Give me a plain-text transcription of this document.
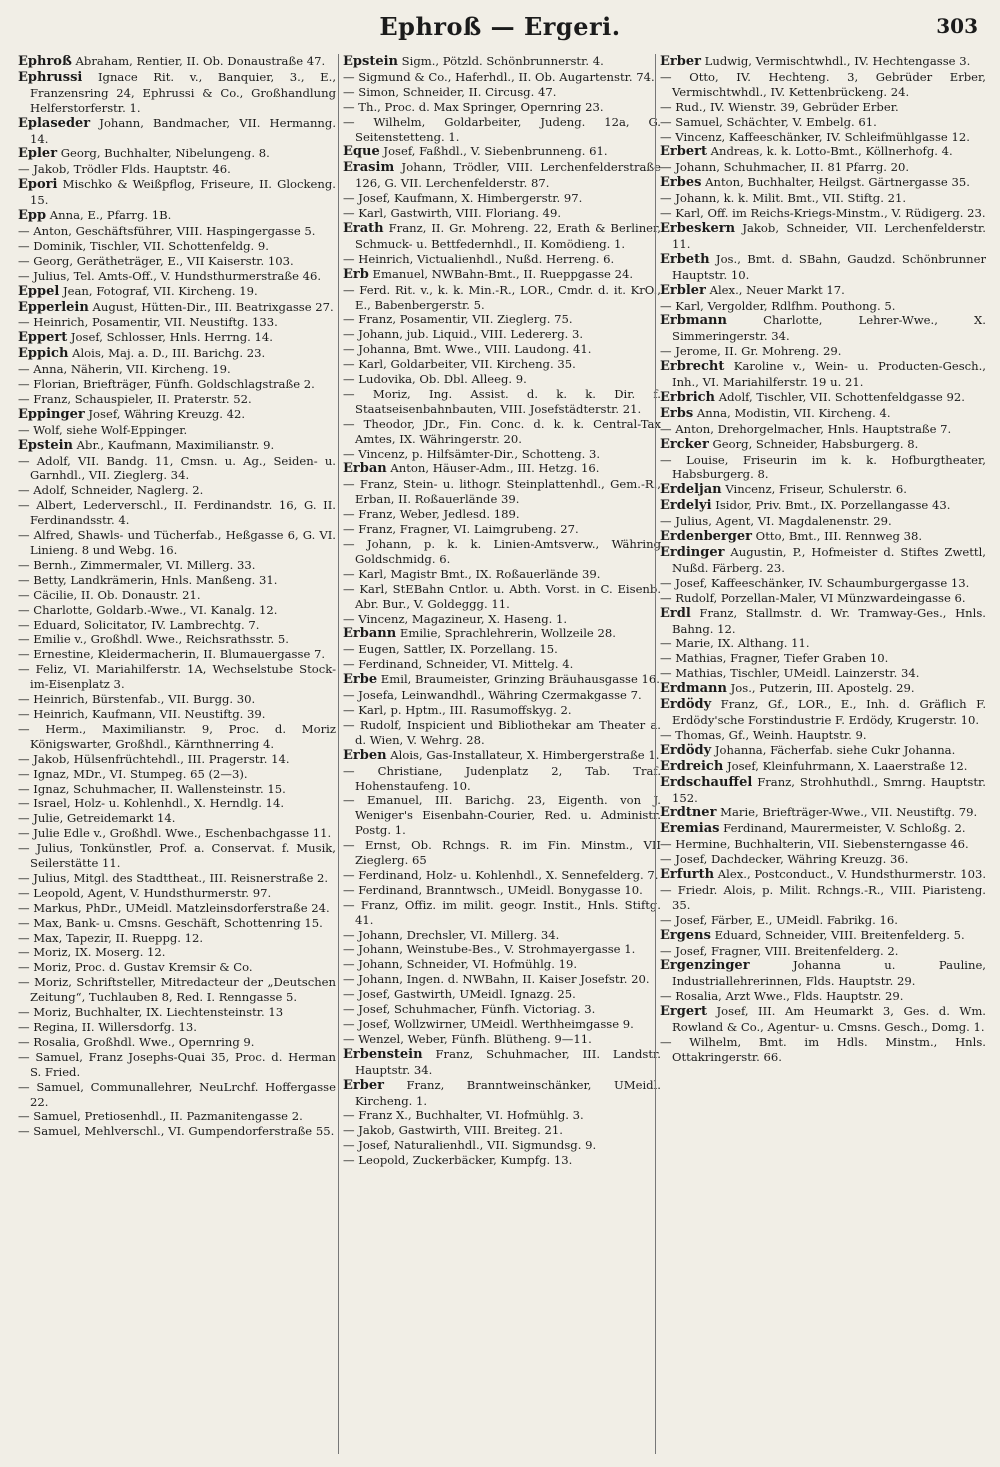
Ephroß — Ergeri.	303

Ephroß Abraham, Rentier, II. Ob. Donaustraße 47.

Ephrussi Ignace Rit. v., Banquier, 3., E., Franzensring 24, Ephrussi & Co., Großhandlung Helferstorferstr. 1.

Eplaseder Johann, Bandmacher, VII. Hermanng. 14.

Epler Georg, Buchhalter, Nibelungeng. 8.

— Jakob, Trödler Flds. Hauptstr. 46.

Epori Mischko & Weißpflog, Friseure, II. Glockeng. 15.

Epp Anna, E., Pfarrg. 1B.

— Anton, Geschäftsführer, VIII. Haspingergasse 5.

— Dominik, Tischler, VII. Schottenfeldg. 9.

— Georg, Gerätheträger, E., VII Kaiserstr. 103.

— Julius, Tel. Amts-Off., V. Hundsthurmerstraße 46.

Eppel Jean, Fotograf, VII. Kircheng. 19.

Epperlein August, Hütten-Dir., III. Beatrixgasse 27.

— Heinrich, Posamentir, VII. Neustiftg. 133.

Eppert Josef, Schlosser, Hnls. Herrng. 14.

Eppich Alois, Maj. a. D., III. Barichg. 23.

— Anna, Näherin, VII. Kircheng. 19.

— Florian, Briefträger, Fünfh. Goldschlagstraße 2.

— Franz, Schauspieler, II. Praterstr. 52.

Eppinger Josef, Währing Kreuzg. 42.

— Wolf, siehe Wolf-Eppinger.

Epstein Abr., Kaufmann, Maximilianstr. 9.

— Adolf, VII. Bandg. 11, Cmsn. u. Ag., Seiden- u. Garnhdl., VII. Zieglerg. 34.

— Adolf, Schneider, Naglerg. 2.

— Albert, Lederverschl., II. Ferdinandstr. 16, G. II. Ferdinandsstr. 4.

— Alfred, Shawls- und Tücherfab., Heßgasse 6, G. VI. Linieng. 8 und Webg. 16.

— Bernh., Zimmermaler, VI. Millerg. 33.

— Betty, Landkrämerin, Hnls. Manßeng. 31.

— Cäcilie, II. Ob. Donaustr. 21.

— Charlotte, Goldarb.-Wwe., VI. Kanalg. 12.

— Eduard, Solicitator, IV. Lambrechtg. 7.

— Emilie v., Großhdl. Wwe., Reichsrathsstr. 5.

— Ernestine, Kleidermacherin, II. Blumauergasse 7.

— Feliz, VI. Mariahilferstr. 1A, Wechselstube Stock-im-Eisenplatz 3.

— Heinrich, Bürstenfab., VII. Burgg. 30.

— Heinrich, Kaufmann, VII. Neustiftg. 39.

— Herm., Maximilianstr. 9, Proc. d. Moriz Königswarter, Großhdl., Kärnthnerring 4.

— Jakob, Hülsenfrüchtehdl., III. Pragerstr. 14.

— Ignaz, MDr., VI. Stumpeg. 65 (2—3).

— Ignaz, Schuhmacher, II. Wallensteinstr. 15.

— Israel, Holz- u. Kohlenhdl., X. Herndlg. 14.

— Julie, Getreidemarkt 14.

— Julie Edle v., Großhdl. Wwe., Eschenbachgasse 11.

— Julius, Tonkünstler, Prof. a. Conservat. f. Musik, Seilerstätte 11.

— Julius, Mitgl. des Stadttheat., III. Reisnerstraße 2.

— Leopold, Agent, V. Hundsthurmerstr. 97.

— Markus, PhDr., UMeidl. Matzleinsdorferstraße 24.

— Max, Bank- u. Cmsns. Geschäft, Schottenring 15.

— Max, Tapezir, II. Rueppg. 12.

— Moriz, IX. Moserg. 12.

— Moriz, Proc. d. Gustav Kremsir & Co.

— Moriz, Schriftsteller, Mitredacteur der „Deutschen Zeitung“, Tuchlauben 8, Red. I. Renngasse 5.

— Moriz, Buchhalter, IX. Liechtensteinstr. 13

— Regina, II. Willersdorfg. 13.

— Rosalia, Großhdl. Wwe., Opernring 9.

— Samuel, Franz Josephs-Quai 35, Proc. d. Herman S. Fried.

— Samuel, Communallehrer, NeuLrchf. Hoffergasse 22.

— Samuel, Pretiosenhdl., II. Pazmanitengasse 2.

— Samuel, Mehlverschl., VI. Gumpendorferstraße 55.

Epstein Sigm., Pötzld. Schönbrunnerstr. 4.

— Sigmund & Co., Haferhdl., II. Ob. Augartenstr. 74.

— Simon, Schneider, II. Circusg. 47.

— Th., Proc. d. Max Springer, Opernring 23.

— Wilhelm, Goldarbeiter, Judeng. 12a, G. Seitenstetteng. 1.

Eque Josef, Faßhdl., V. Siebenbrunneng. 61.

Erasim Johann, Trödler, VIII. Lerchenfelderstraße 126, G. VII. Lerchenfelderstr. 87.

— Josef, Kaufmann, X. Himbergerstr. 97.

— Karl, Gastwirth, VIII. Floriang. 49.

Erath Franz, II. Gr. Mohreng. 22, Erath & Berliner, Schmuck- u. Bettfedernhdl., II. Komödieng. 1.

— Heinrich, Victualienhdl., Nußd. Herreng. 6.

Erb Emanuel, NWBahn-Bmt., II. Rueppgasse 24.

— Ferd. Rit. v., k. k. Min.-R., LOR., Cmdr. d. it. KrO., E., Babenbergerstr. 5.

— Franz, Posamentir, VII. Zieglerg. 75.

— Johann, jub. Liquid., VIII. Ledererg. 3.

— Johanna, Bmt. Wwe., VIII. Laudong. 41.

— Karl, Goldarbeiter, VII. Kircheng. 35.

— Ludovika, Ob. Dbl. Alleeg. 9.

— Moriz, Ing. Assist. d. k. k. Dir. f. Staatseisenbahnbauten, VIII. Josefstädterstr. 21.

— Theodor, JDr., Fin. Conc. d. k. k. Central-Tax Amtes, IX. Währingerstr. 20.

— Vincenz, p. Hilfsämter-Dir., Schotteng. 3.

Erban Anton, Häuser-Adm., III. Hetzg. 16.

— Franz, Stein- u. lithogr. Steinplattenhdl., Gem.-R., Erban, II. Roßauerlände 39.

— Franz, Weber, Jedlesd. 189.

— Franz, Fragner, VI. Laimgrubeng. 27.

— Johann, p. k. k. Linien-Amtsverw., Währing Goldschmidg. 6.

— Karl, Magistr Bmt., IX. Roßauerlände 39.

— Karl, StEBahn Cntlor. u. Abth. Vorst. in C. Eisenb. Abr. Bur., V. Goldeggg. 11.

— Vincenz, Magazineur, X. Haseng. 1.

Erbann Emilie, Sprachlehrerin, Wollzeile 28.

— Eugen, Sattler, IX. Porzellang. 15.

— Ferdinand, Schneider, VI. Mittelg. 4.

Erbe Emil, Braumeister, Grinzing Bräuhausgasse 16.

— Josefa, Leinwandhdl., Währing Czermakgasse 7.

— Karl, p. Hptm., III. Rasumoffskyg. 2.

— Rudolf, Inspicient und Bibliothekar am Theater a. d. Wien, V. Wehrg. 28.

Erben Alois, Gas-Installateur, X. Himbergerstraße 1.

— Christiane, Judenplatz 2, Tab. Traf. Hohenstaufeng. 10.

— Emanuel, III. Barichg. 23, Eigenth. von J. Weniger's Eisenbahn-Courier, Red. u. Administr. Postg. 1.

— Ernst, Ob. Rchngs. R. im Fin. Minstm., VII Zieglerg. 65

— Ferdinand, Holz- u. Kohlenhdl., X. Sennefelderg. 7.

— Ferdinand, Branntwsch., UMeidl. Bonygasse 10.

— Franz, Offiz. im milit. geogr. Instit., Hnls. Stiftg. 41.

— Johann, Drechsler, VI. Millerg. 34.

— Johann, Weinstube-Bes., V. Strohmayergasse 1.

— Johann, Schneider, VI. Hofmühlg. 19.

— Johann, Ingen. d. NWBahn, II. Kaiser Josefstr. 20.

— Josef, Gastwirth, UMeidl. Ignazg. 25.

— Josef, Schuhmacher, Fünfh. Victoriag. 3.

— Josef, Wollzwirner, UMeidl. Werthheimgasse 9.

— Wenzel, Weber, Fünfh. Blütheng. 9—11.

Erbenstein Franz, Schuhmacher, III. Landstr. Hauptstr. 34.

Erber Franz, Branntweinschänker, UMeidl. Kircheng. 1.

— Franz X., Buchhalter, VI. Hofmühlg. 3.

— Jakob, Gastwirth, VIII. Breiteg. 21.

— Josef, Naturalienhdl., VII. Sigmundsg. 9.

— Leopold, Zuckerbäcker, Kumpfg. 13.

Erber Ludwig, Vermischtwhdl., IV. Hechtengasse 3.

— Otto, IV. Hechteng. 3, Gebrüder Erber, Vermischtwhdl., IV. Kettenbrückeng. 24.

— Rud., IV. Wienstr. 39, Gebrüder Erber.

— Samuel, Schächter, V. Embelg. 61.

— Vincenz, Kaffeeschänker, IV. Schleifmühlgasse 12.

Erbert Andreas, k. k. Lotto-Bmt., Köllnerhofg. 4.

— Johann, Schuhmacher, II. 81 Pfarrg. 20.

Erbes Anton, Buchhalter, Heilgst. Gärtnergasse 35.

— Johann, k. k. Milit. Bmt., VII. Stiftg. 21.

— Karl, Off. im Reichs-Kriegs-Minstm., V. Rüdigerg. 23.

Erbeskern Jakob, Schneider, VII. Lerchenfelderstr. 11.

Erbeth Jos., Bmt. d. SBahn, Gaudzd. Schönbrunner Hauptstr. 10.

Erbler Alex., Neuer Markt 17.

— Karl, Vergolder, Rdlfhm. Pouthong. 5.

Erbmann Charlotte, Lehrer-Wwe., X. Simmeringerstr. 34.

— Jerome, II. Gr. Mohreng. 29.

Erbrecht Karoline v., Wein- u. Producten-Gesch., Inh., VI. Mariahilferstr. 19 u. 21.

Erbrich Adolf, Tischler, VII. Schottenfeldgasse 92.

Erbs Anna, Modistin, VII. Kircheng. 4.

— Anton, Drehorgelmacher, Hnls. Hauptstraße 7.

Ercker Georg, Schneider, Habsburgerg. 8.

— Louise, Friseurin im k. k. Hofburgtheater, Habsburgerg. 8.

Erdeljan Vincenz, Friseur, Schulerstr. 6.

Erdelyi Isidor, Priv. Bmt., IX. Porzellangasse 43.

— Julius, Agent, VI. Magdalenenstr. 29.

Erdenberger Otto, Bmt., III. Rennweg 38.

Erdinger Augustin, P., Hofmeister d. Stiftes Zwettl, Nußd. Färberg. 23.

— Josef, Kaffeeschänker, IV. Schaumburgergasse 13.

— Rudolf, Porzellan-Maler, VI Münzwardeingasse 6.

Erdl Franz, Stallmstr. d. Wr. Tramway-Ges., Hnls. Bahng. 12.

— Marie, IX. Althang. 11.

— Mathias, Fragner, Tiefer Graben 10.

— Mathias, Tischler, UMeidl. Lainzerstr. 34.

Erdmann Jos., Putzerin, III. Apostelg. 29.

Erdödy Franz, Gf., LOR., E., Inh. d. Gräflich F. Erdödy'sche Forstindustrie F. Erdödy, Krugerstr. 10.

— Thomas, Gf., Weinh. Hauptstr. 9.

Erdödy Johanna, Fächerfab. siehe Cukr Johanna.

Erdreich Josef, Kleinfuhrmann, X. Laaerstraße 12.

Erdschauffel Franz, Strohhuthdl., Smrng. Hauptstr. 152.

Erdtner Marie, Briefträger-Wwe., VII. Neustiftg. 79.

Eremias Ferdinand, Maurermeister, V. Schloßg. 2.

— Hermine, Buchhalterin, VII. Siebensterngasse 46.

— Josef, Dachdecker, Währing Kreuzg. 36.

Erfurth Alex., Postconduct., V. Hundsthurmerstr. 103.

— Friedr. Alois, p. Milit. Rchngs.-R., VIII. Piaristeng. 35.

— Josef, Färber, E., UMeidl. Fabrikg. 16.

Ergens Eduard, Schneider, VIII. Breitenfelderg. 5.

— Josef, Fragner, VIII. Breitenfelderg. 2.

Ergenzinger Johanna u. Pauline, Industriallehrerinnen, Flds. Hauptstr. 29.

— Rosalia, Arzt Wwe., Flds. Hauptstr. 29.

Ergert Josef, III. Am Heumarkt 3, Ges. d. Wm. Rowland & Co., Agentur- u. Cmsns. Gesch., Domg. 1.

— Wilhelm, Bmt. im Hdls. Minstm., Hnls. Ottakringerstr. 66.
